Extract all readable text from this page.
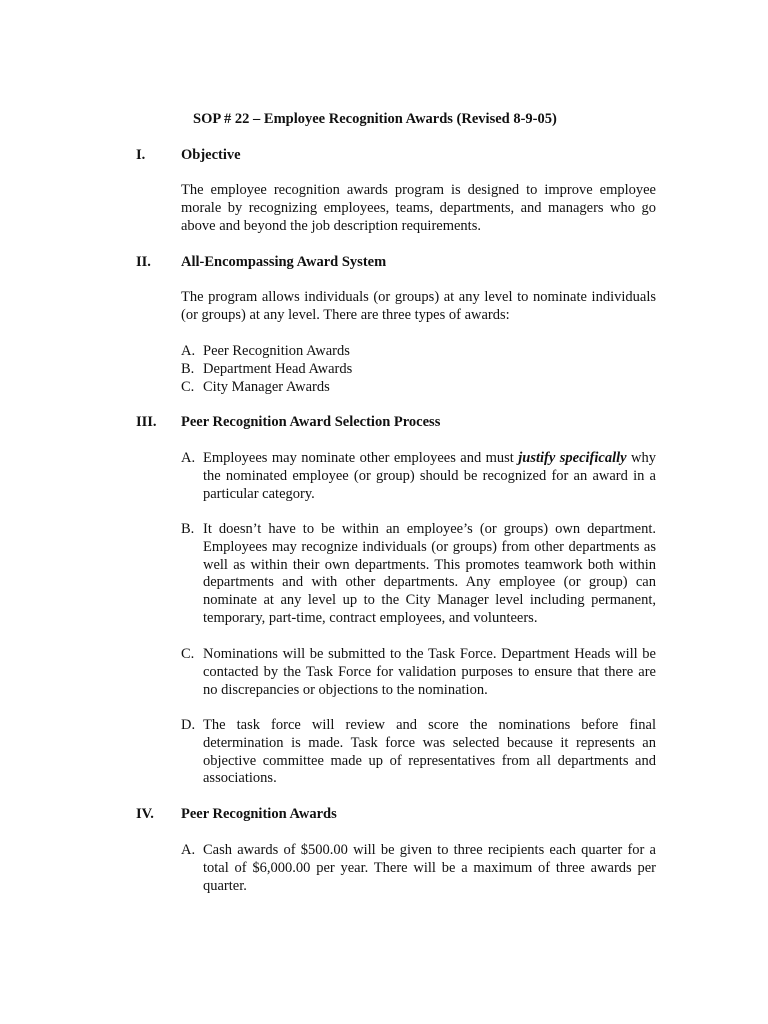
SOP # 22 – Employee Recognition Awards (Revised 8-9-05)
I. Objective
The employee recognition awards program is designed to improve employee morale by recognizing employees, teams, departments, and managers who go above and beyond the job description requirements.
II. All-Encompassing Award System
The program allows individuals (or groups) at any level to nominate individuals (or groups) at any level. There are three types of awards:
A. Peer Recognition Awards
B. Department Head Awards
C. City Manager Awards
III. Peer Recognition Award Selection Process
A. Employees may nominate other employees and must justify specifically why the nominated employee (or group) should be recognized for an award in a particular category.
B. It doesn’t have to be within an employee’s (or groups) own department. Employees may recognize individuals (or groups) from other departments as well as within their own departments. This promotes teamwork both within departments and with other departments. Any employee (or group) can nominate at any level up to the City Manager level including permanent, temporary, part-time, contract employees, and volunteers.
C. Nominations will be submitted to the Task Force. Department Heads will be contacted by the Task Force for validation purposes to ensure that there are no discrepancies or objections to the nomination.
D. The task force will review and score the nominations before final determination is made. Task force was selected because it represents an objective committee made up of representatives from all departments and associations.
IV. Peer Recognition Awards
A. Cash awards of $500.00 will be given to three recipients each quarter for a total of $6,000.00 per year. There will be a maximum of three awards per quarter.
